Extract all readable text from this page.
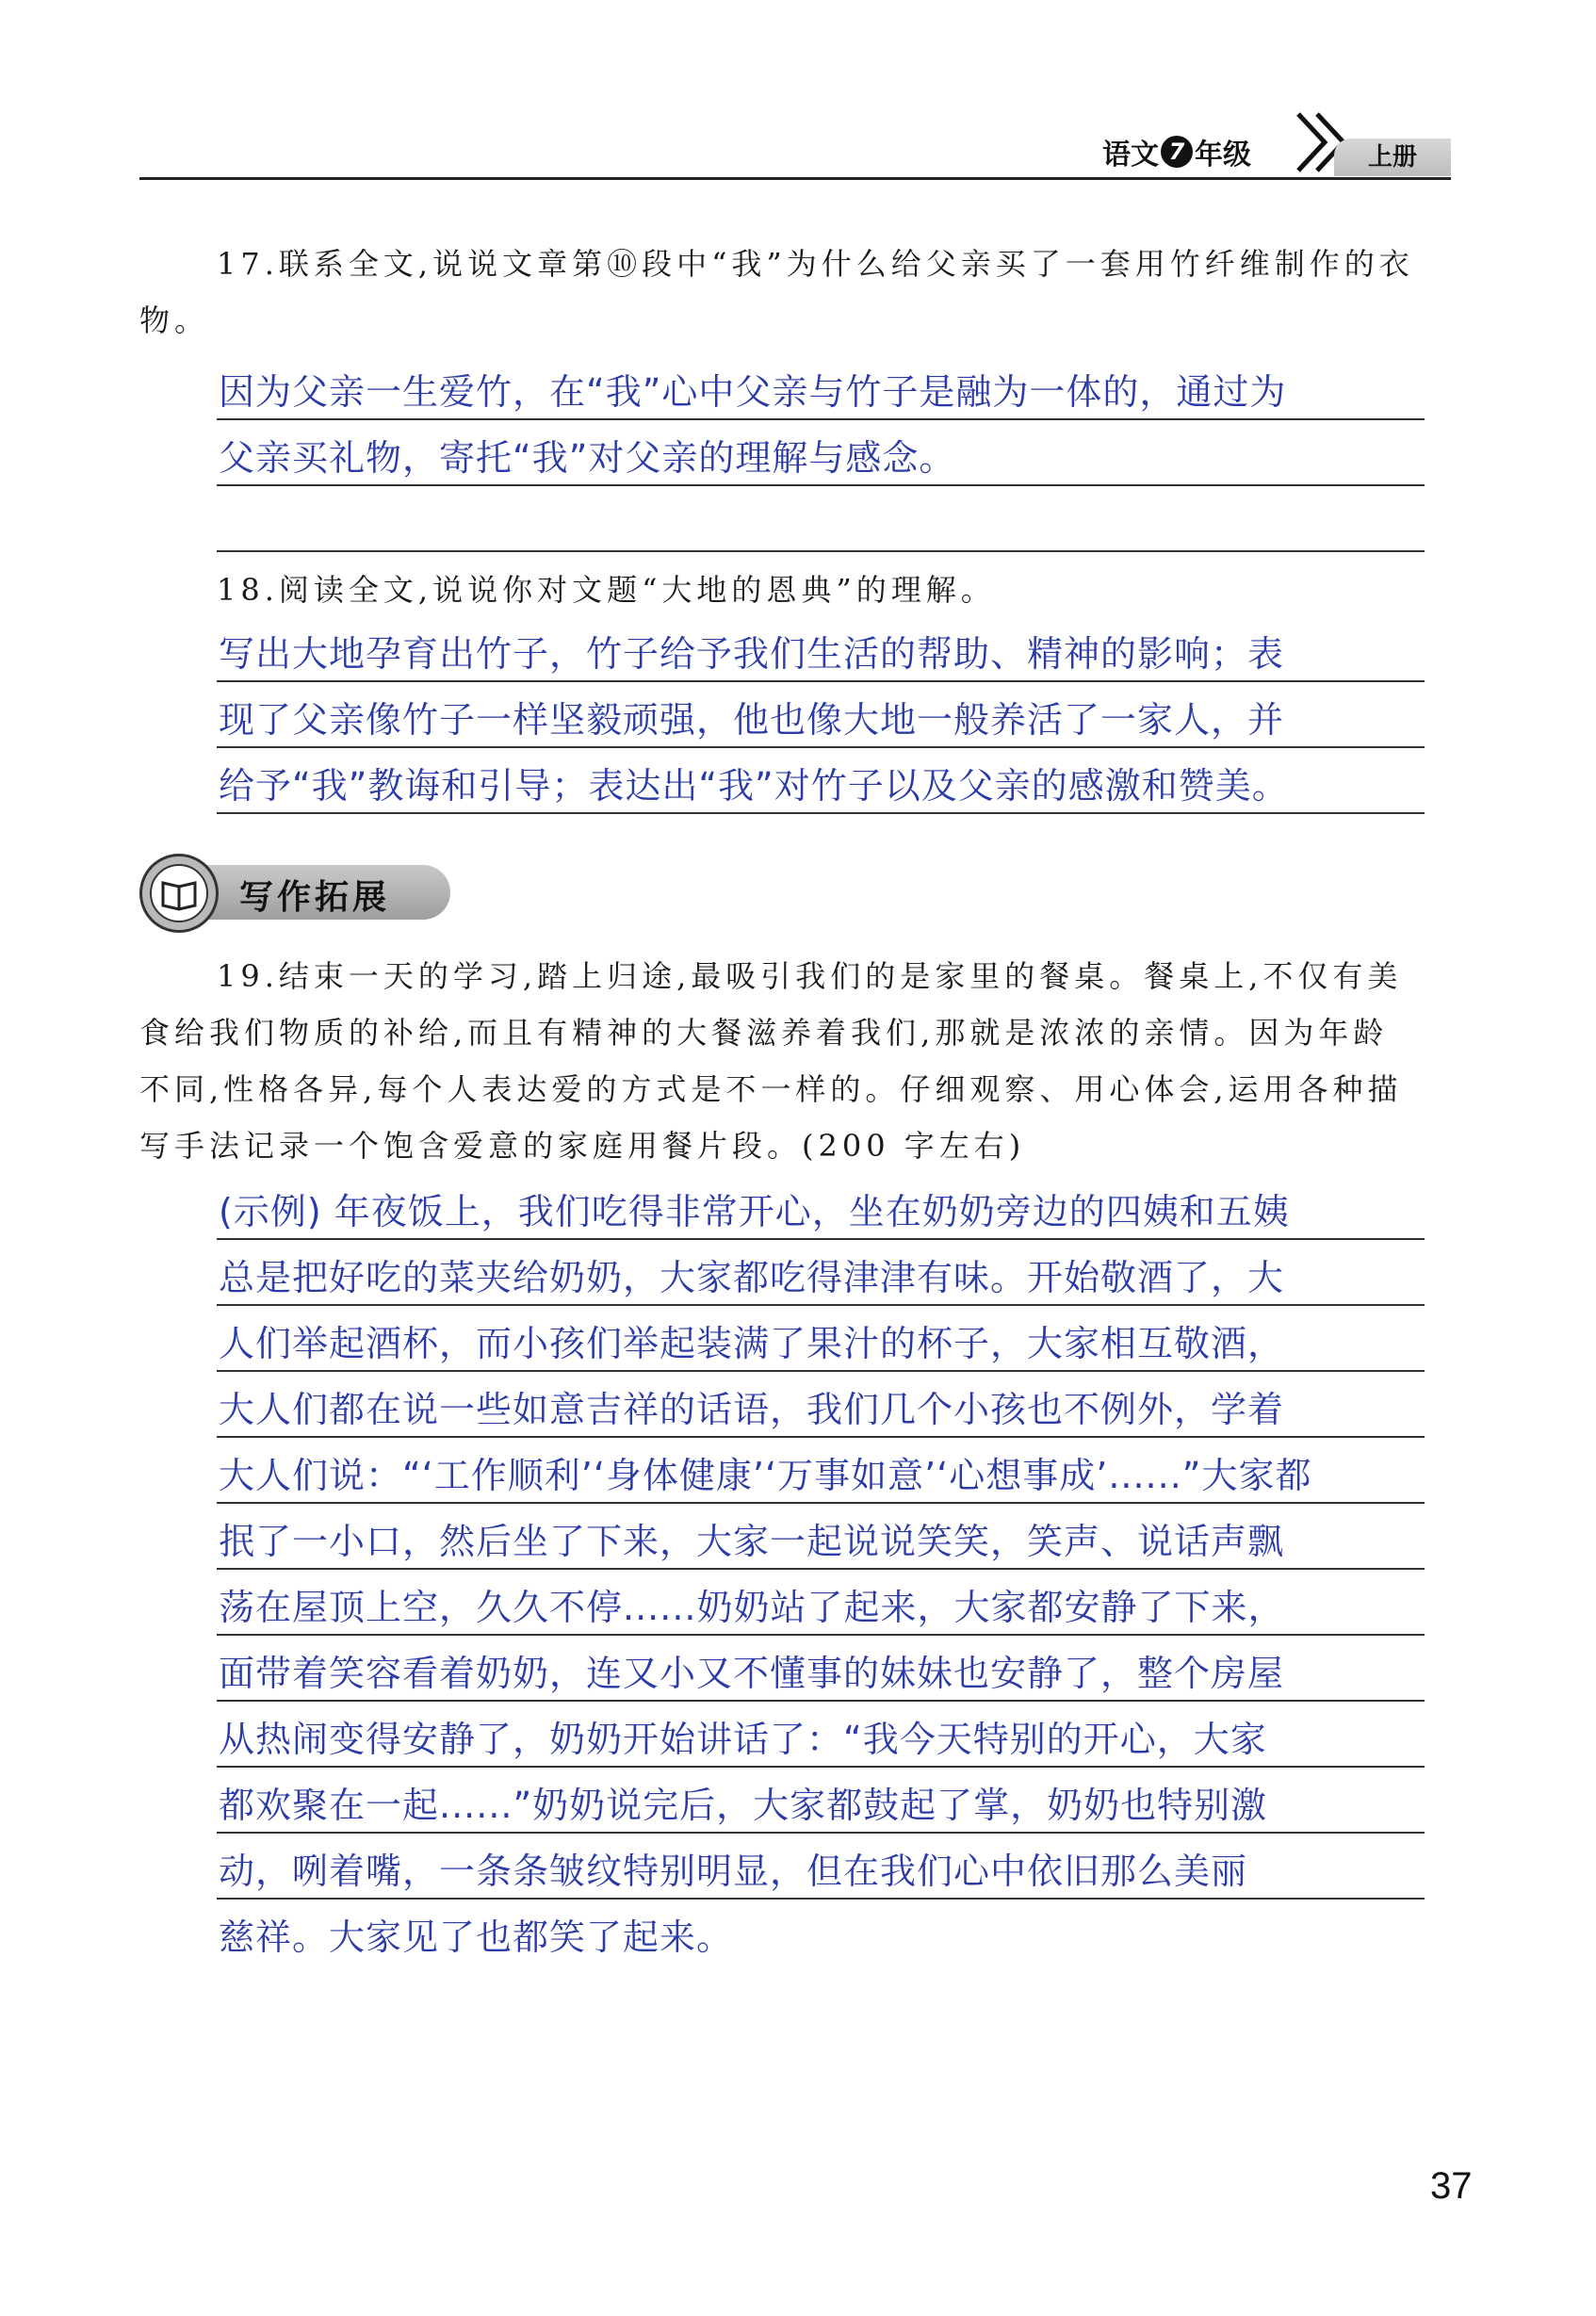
语文 7 年级	上册

17.联系全文,说说文章第⑩段中“我”为什么给父亲买了一套用竹纤维制作的衣物。

因为父亲一生爱竹，在“我”心中父亲与竹子是融为一体的，通过为
父亲买礼物，寄托“我”对父亲的理解与感念。

18.阅读全文,说说你对文题“大地的恩典”的理解。

写出大地孕育出竹子，竹子给予我们生活的帮助、精神的影响；表
现了父亲像竹子一样坚毅顽强，他也像大地一般养活了一家人，并
给予“我”教诲和引导；表达出“我”对竹子以及父亲的感激和赞美。
写作拓展

19.结束一天的学习,踏上归途,最吸引我们的是家里的餐桌。餐桌上,不仅有美食给我们物质的补给,而且有精神的大餐滋养着我们,那就是浓浓的亲情。因为年龄不同,性格各异,每个人表达爱的方式是不一样的。仔细观察、用心体会,运用各种描写手法记录一个饱含爱意的家庭用餐片段。(200 字左右)

(示例) 年夜饭上，我们吃得非常开心，坐在奶奶旁边的四姨和五姨
总是把好吃的菜夹给奶奶，大家都吃得津津有味。开始敬酒了，大
人们举起酒杯，而小孩们举起装满了果汁的杯子，大家相互敬酒，
大人们都在说一些如意吉祥的话语，我们几个小孩也不例外，学着
大人们说：“‘工作顺利’‘身体健康’‘万事如意’‘心想事成’......”大家都
抿了一小口，然后坐了下来，大家一起说说笑笑，笑声、说话声飘
荡在屋顶上空，久久不停......奶奶站了起来，大家都安静了下来，
面带着笑容看着奶奶，连又小又不懂事的妹妹也安静了，整个房屋
从热闹变得安静了，奶奶开始讲话了：“我今天特别的开心，大家
都欢聚在一起......”奶奶说完后，大家都鼓起了掌，奶奶也特别激
动，咧着嘴，一条条皱纹特别明显，但在我们心中依旧那么美丽
慈祥。大家见了也都笑了起来。
37
